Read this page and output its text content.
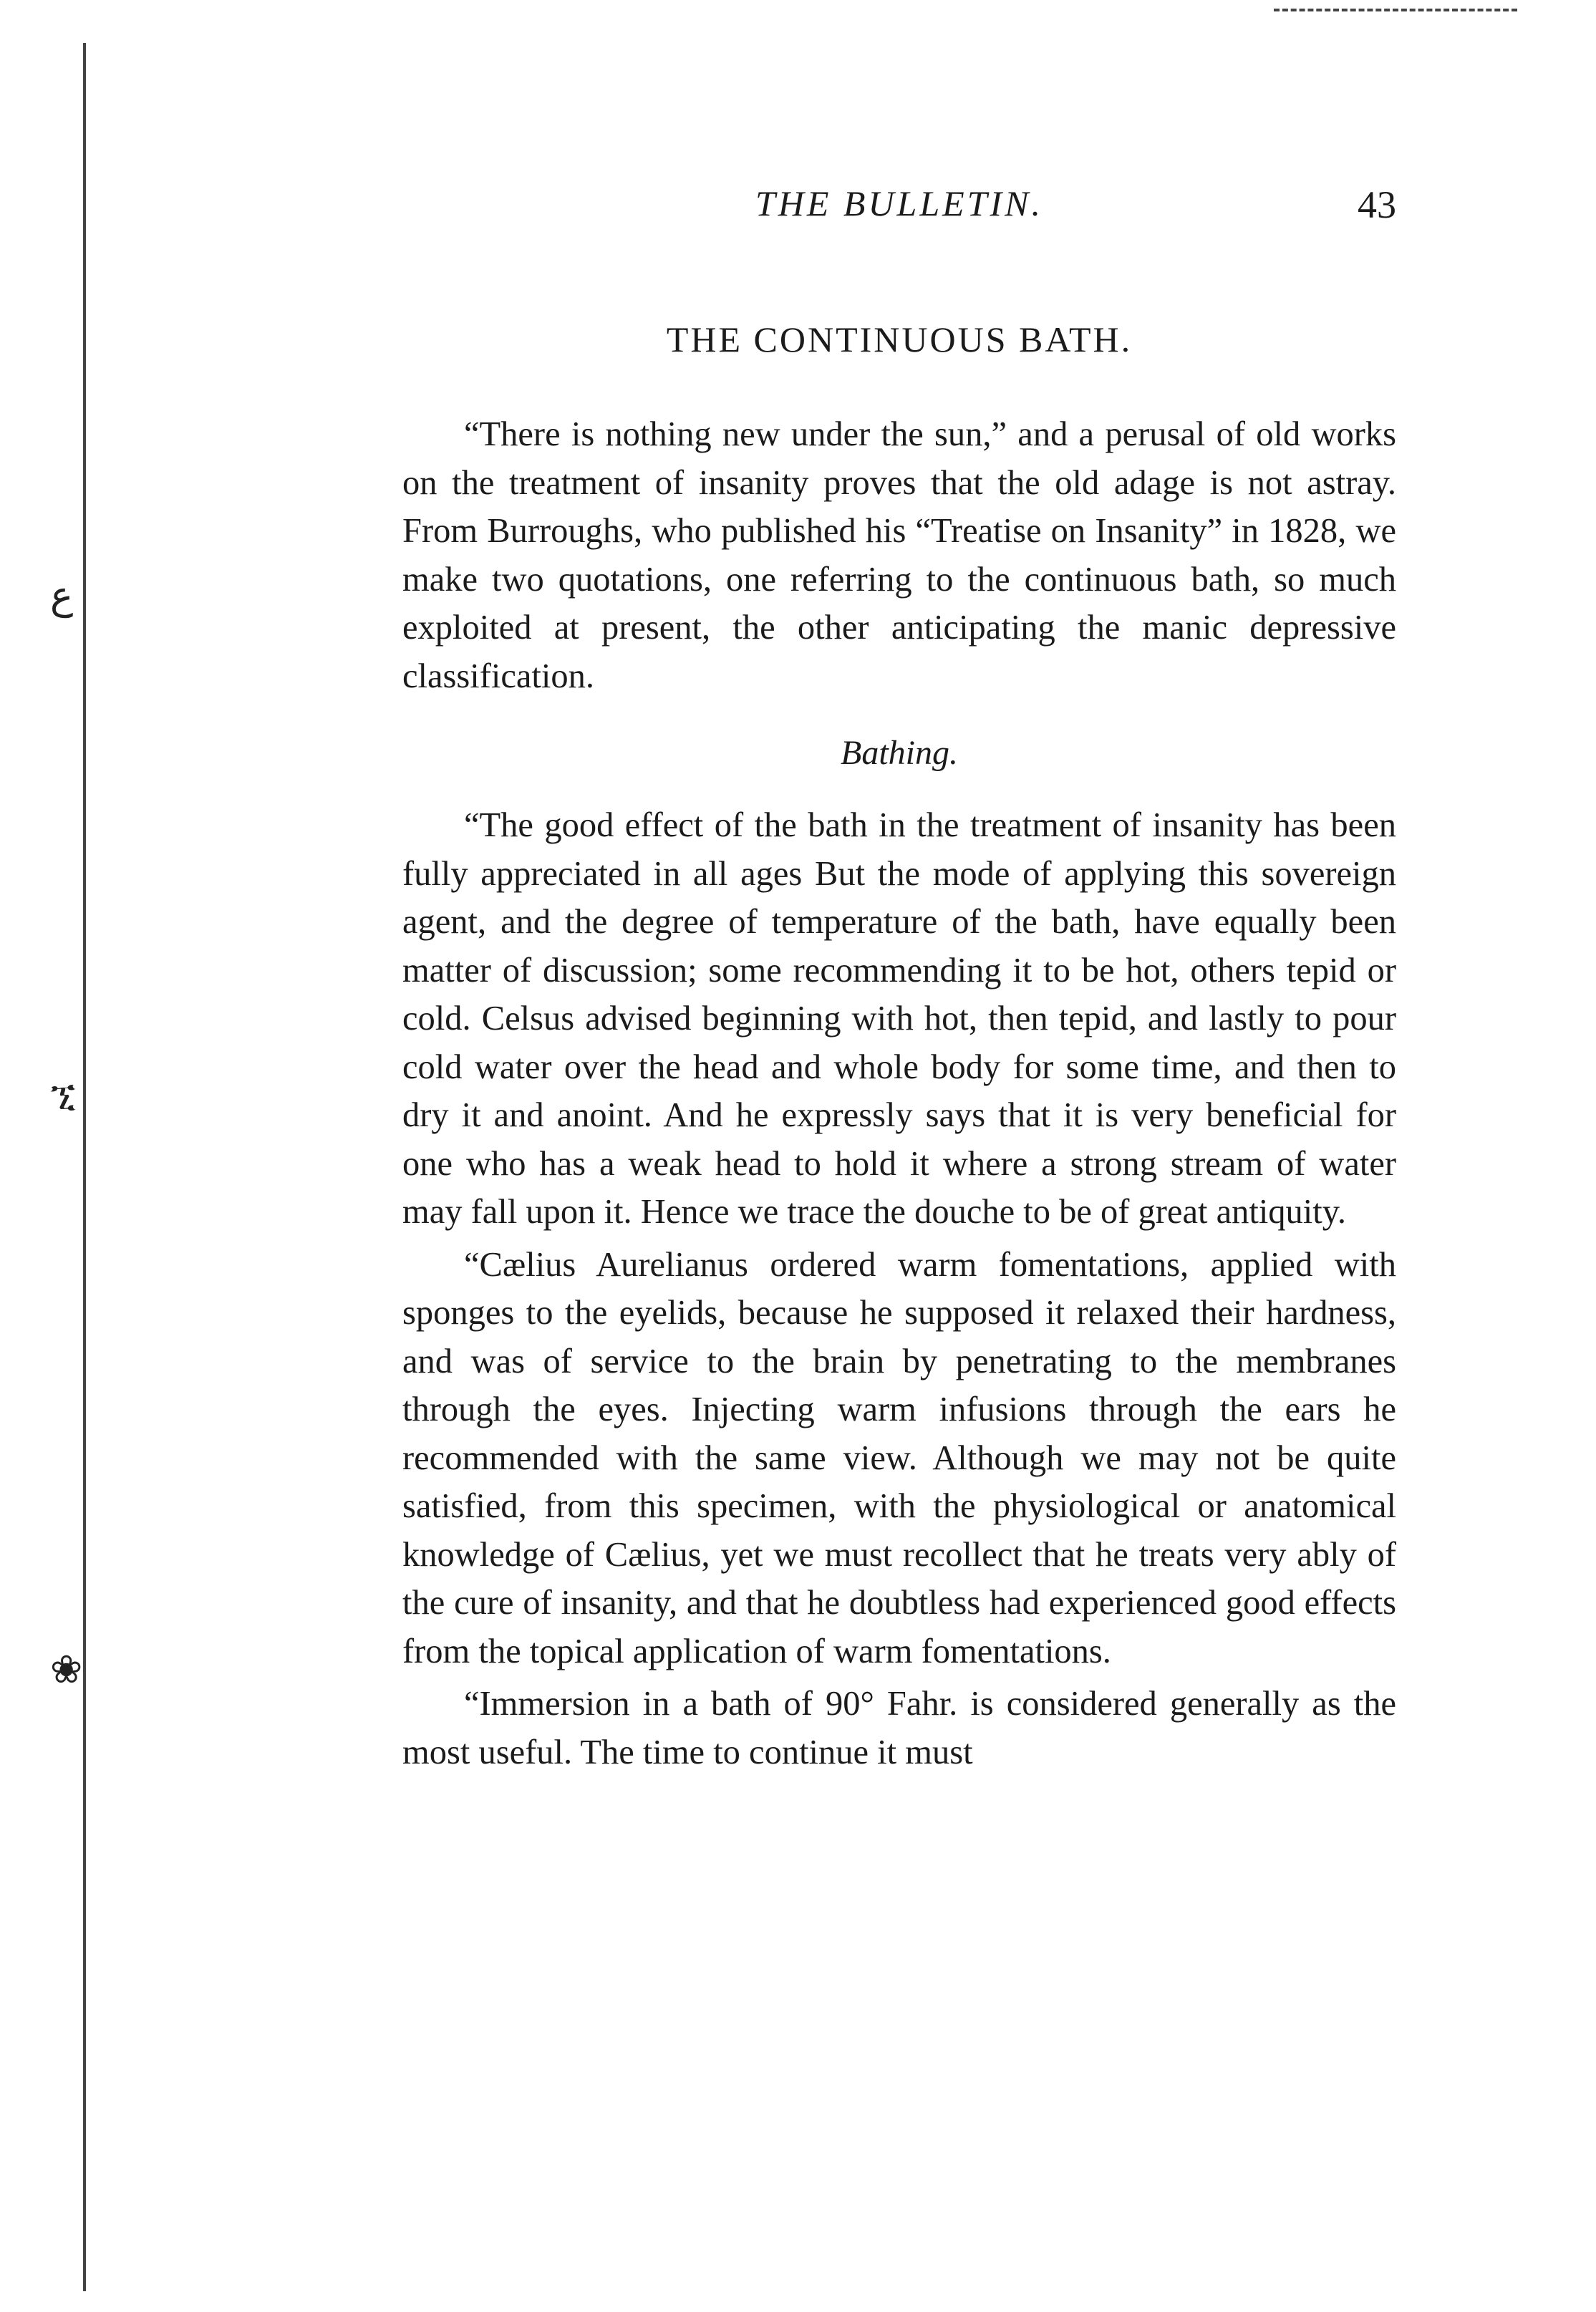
ﻉ
ኚ
❀
THE BULLETIN.	43
THE CONTINUOUS BATH.

“There is nothing new under the sun,” and a perusal of old works on the treatment of insanity proves that the old adage is not astray. From Burroughs, who published his “Treatise on Insanity” in 1828, we make two quotations, one referring to the continuous bath, so much exploited at present, the other anticipating the manic depressive classification.

Bathing.

“The good effect of the bath in the treatment of insanity has been fully appreciated in all ages But the mode of applying this sovereign agent, and the degree of temperature of the bath, have equally been matter of discussion; some recommending it to be hot, others tepid or cold. Celsus advised beginning with hot, then tepid, and lastly to pour cold water over the head and whole body for some time, and then to dry it and anoint. And he expressly says that it is very beneficial for one who has a weak head to hold it where a strong stream of water may fall upon it. Hence we trace the douche to be of great antiquity.

“Cælius Aurelianus ordered warm fomentations, applied with sponges to the eyelids, because he supposed it relaxed their hardness, and was of service to the brain by penetrating to the membranes through the eyes. Injecting warm infusions through the ears he recommended with the same view. Although we may not be quite satisfied, from this specimen, with the physiological or anatomical knowledge of Cælius, yet we must recollect that he treats very ably of the cure of insanity, and that he doubtless had experienced good effects from the topical application of warm fomentations.

“Immersion in a bath of 90° Fahr. is considered generally as the most useful. The time to continue it must
